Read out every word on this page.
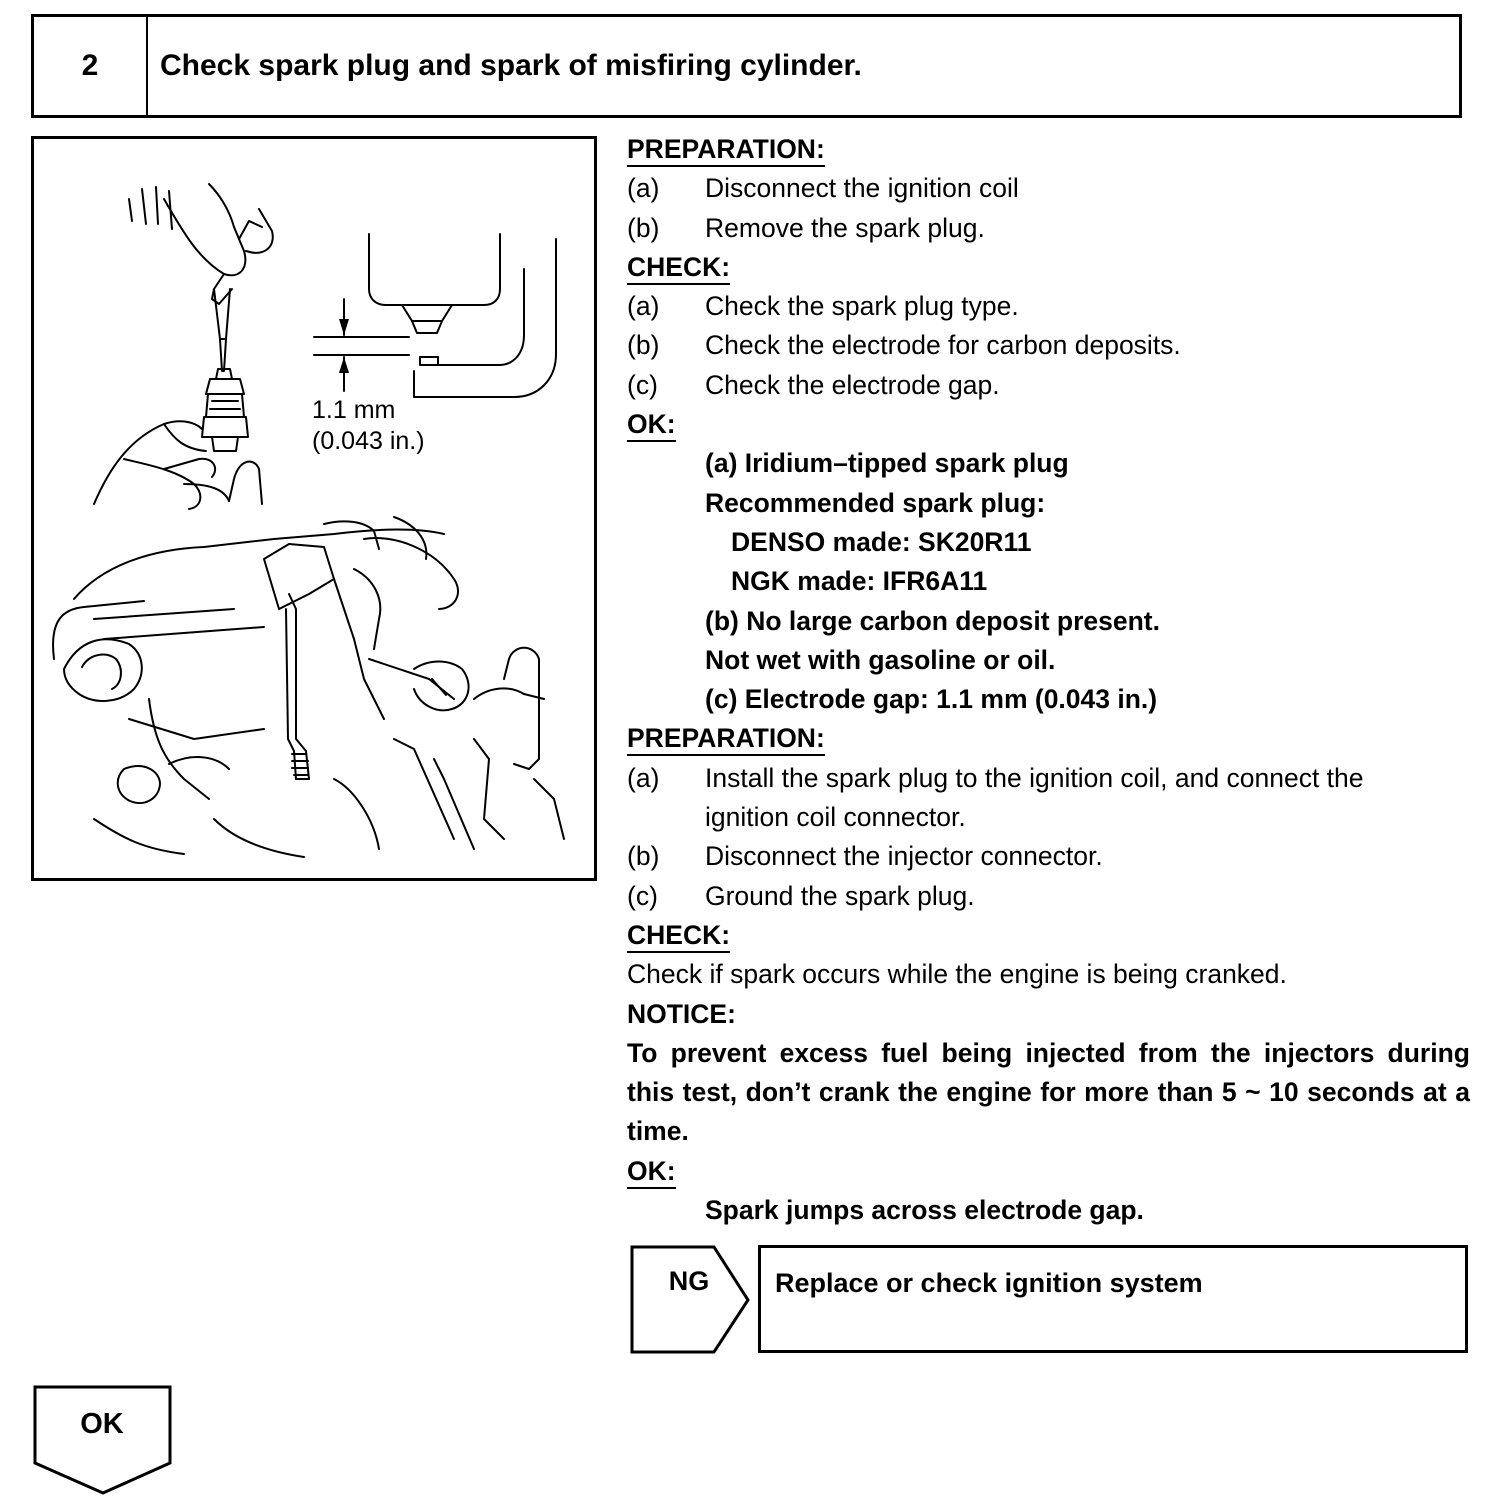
2	Check spark plug and spark of misfiring cylinder.
1.1 mm
(0.043 in.)
PREPARATION:
(a) Disconnect the ignition coil
(b) Remove the spark plug.
CHECK:
(a) Check the spark plug type.
(b) Check the electrode for carbon deposits.
(c) Check the electrode gap.
OK:
(a) Iridium–tipped spark plug
Recommended spark plug:
DENSO made: SK20R11
NGK made: IFR6A11
(b) No large carbon deposit present.
Not wet with gasoline or oil.
(c) Electrode gap: 1.1 mm (0.043 in.)
PREPARATION:
(a) Install the spark plug to the ignition coil, and connect the
ignition coil connector.
(b) Disconnect the injector connector.
(c) Ground the spark plug.
CHECK:
Check if spark occurs while the engine is being cranked.
NOTICE:
To prevent excess fuel being injected from the injectors during this test, don’t crank the engine for more than 5 ~ 10 seconds at a time.
OK:
Spark jumps across electrode gap.
NG	Replace or check ignition system
OK
